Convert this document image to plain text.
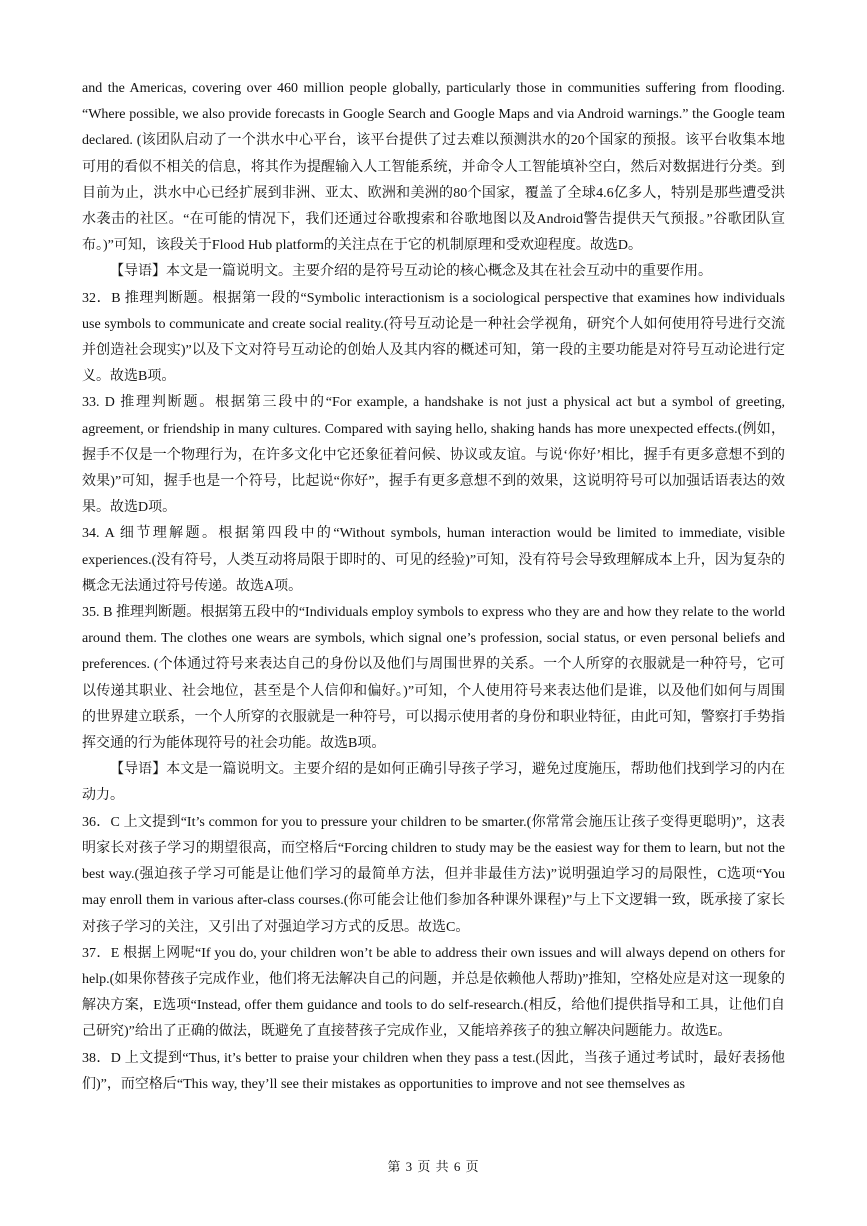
and the Americas, covering over 460 million people globally, particularly those in communities suffering from flooding. “Where possible, we also provide forecasts in Google Search and Google Maps and via Android warnings.” the Google team declared. (该团队启动了一个洪水中心平台，该平台提供了过去难以预测洪水的20个国家的预报。该平台收集本地可用的看似不相关的信息，将其作为提醒输入人工智能系统，并命令人工智能填补空白，然后对数据进行分类。到目前为止，洪水中心已经扩展到非洲、亚太、欧洲和美洲的80个国家，覆盖了全球4.6亿多人，特别是那些遭受洪水袭击的社区。“在可能的情况下，我们还通过谷歌搜索和谷歌地图以及Android警告提供天气预报。”谷歌团队宣布。)”可知，该段关于Flood Hub platform的关注点在于它的机制原理和受欢迎程度。故选D。

【导语】本文是一篇说明文。主要介绍的是符号互动论的核心概念及其在社会互动中的重要作用。

32．B 推理判断题。根据第一段的“Symbolic interactionism is a sociological perspective that examines how individuals use symbols to communicate and create social reality.(符号互动论是一种社会学视角，研究个人如何使用符号进行交流并创造社会现实)”以及下文对符号互动论的创始人及其内容的概述可知，第一段的主要功能是对符号互动论进行定义。故选B项。

33. D 推理判断题。根据第三段中的“For example, a handshake is not just a physical act but a symbol of greeting, agreement, or friendship in many cultures. Compared with saying hello, shaking hands has more unexpected effects.(例如，握手不仅是一个物理行为，在许多文化中它还象征着问候、协议或友谊。与说‘你好’相比，握手有更多意想不到的效果)”可知，握手也是一个符号，比起说“你好”，握手有更多意想不到的效果，这说明符号可以加强话语表达的效果。故选D项。

34. A 细节理解题。根据第四段中的“Without symbols, human interaction would be limited to immediate, visible experiences.(没有符号，人类互动将局限于即时的、可见的经验)”可知，没有符号会导致理解成本上升，因为复杂的概念无法通过符号传递。故选A项。

35. B 推理判断题。根据第五段中的“Individuals employ symbols to express who they are and how they relate to the world around them. The clothes one wears are symbols, which signal one’s profession, social status, or even personal beliefs and preferences. (个体通过符号来表达自己的身份以及他们与周围世界的关系。一个人所穿的衣服就是一种符号，它可以传递其职业、社会地位，甚至是个人信仰和偏好。)”可知，个人使用符号来表达他们是谁，以及他们如何与周围的世界建立联系，一个人所穿的衣服就是一种符号，可以揭示使用者的身份和职业特征，由此可知，警察打手势指挥交通的行为能体现符号的社会功能。故选B项。

【导语】本文是一篇说明文。主要介绍的是如何正确引导孩子学习，避免过度施压，帮助他们找到学习的内在动力。

36．C 上文提到“It’s common for you to pressure your children to be smarter.(你常常会施压让孩子变得更聪明)”，这表明家长对孩子学习的期望很高，而空格后“Forcing children to study may be the easiest way for them to learn, but not the best way.(强迫孩子学习可能是让他们学习的最简单方法，但并非最佳方法)”说明强迫学习的局限性，C选项“You may enroll them in various after-class courses.(你可能会让他们参加各种课外课程)”与上下文逻辑一致，既承接了家长对孩子学习的关注，又引出了对强迫学习方式的反思。故选C。

37．E 根据上网呢“If you do, your children won’t be able to address their own issues and will always depend on others for help.(如果你替孩子完成作业，他们将无法解决自己的问题，并总是依赖他人帮助)”推知，空格处应是对这一现象的解决方案，E选项“Instead, offer them guidance and tools to do self-research.(相反，给他们提供指导和工具，让他们自己研究)”给出了正确的做法，既避免了直接替孩子完成作业，又能培养孩子的独立解决问题能力。故选E。

38．D 上文提到“Thus, it’s better to praise your children when they pass a test.(因此，当孩子通过考试时，最好表扬他们)”，而空格后“This way, they’ll see their mistakes as opportunities to improve and not see themselves as

第 3 页 共 6 页
